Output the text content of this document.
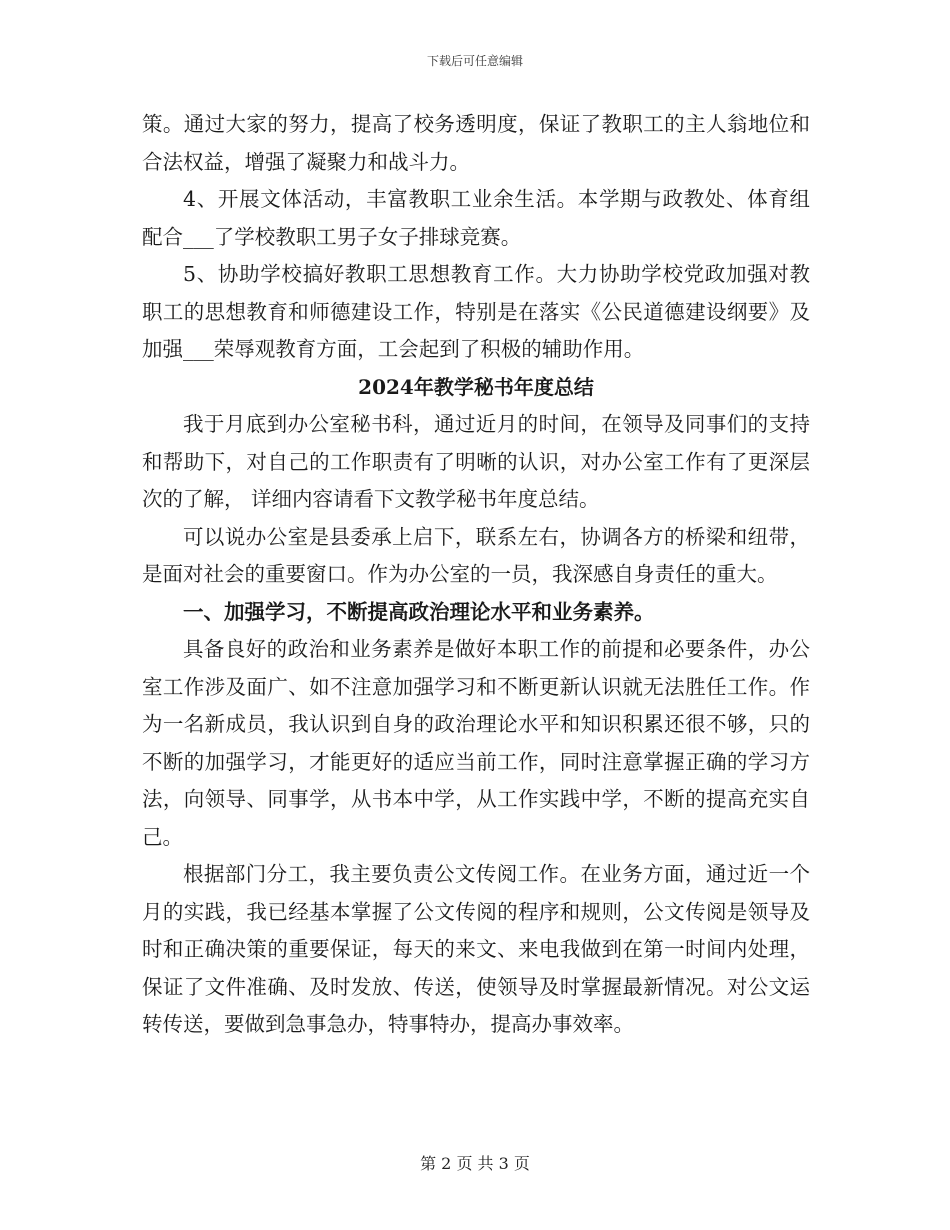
下载后可任意编辑

策。通过大家的努力，提高了校务透明度，保证了教职工的主人翁地位和合法权益，增强了凝聚力和战斗力。

4、开展文体活动，丰富教职工业余生活。本学期与政教处、体育组配合___了学校教职工男子女子排球竞赛。

5、协助学校搞好教职工思想教育工作。大力协助学校党政加强对教职工的思想教育和师德建设工作，特别是在落实《公民道德建设纲要》及加强___荣辱观教育方面，工会起到了积极的辅助作用。

2024年教学秘书年度总结

我于月底到办公室秘书科，通过近月的时间，在领导及同事们的支持和帮助下，对自己的工作职责有了明晰的认识，对办公室工作有了更深层次的了解， 详细内容请看下文教学秘书年度总结。

可以说办公室是县委承上启下，联系左右，协调各方的桥梁和纽带，是面对社会的重要窗口。作为办公室的一员，我深感自身责任的重大。

一、加强学习，不断提高政治理论水平和业务素养。

具备良好的政治和业务素养是做好本职工作的前提和必要条件，办公室工作涉及面广、如不注意加强学习和不断更新认识就无法胜任工作。作为一名新成员，我认识到自身的政治理论水平和知识积累还很不够，只的不断的加强学习，才能更好的适应当前工作，同时注意掌握正确的学习方法，向领导、同事学，从书本中学，从工作实践中学，不断的提高充实自己。

根据部门分工，我主要负责公文传阅工作。在业务方面，通过近一个月的实践，我已经基本掌握了公文传阅的程序和规则，公文传阅是领导及时和正确决策的重要保证，每天的来文、来电我做到在第一时间内处理，保证了文件准确、及时发放、传送，使领导及时掌握最新情况。对公文运转传送，要做到急事急办，特事特办，提高办事效率。

第 2 页 共 3 页
